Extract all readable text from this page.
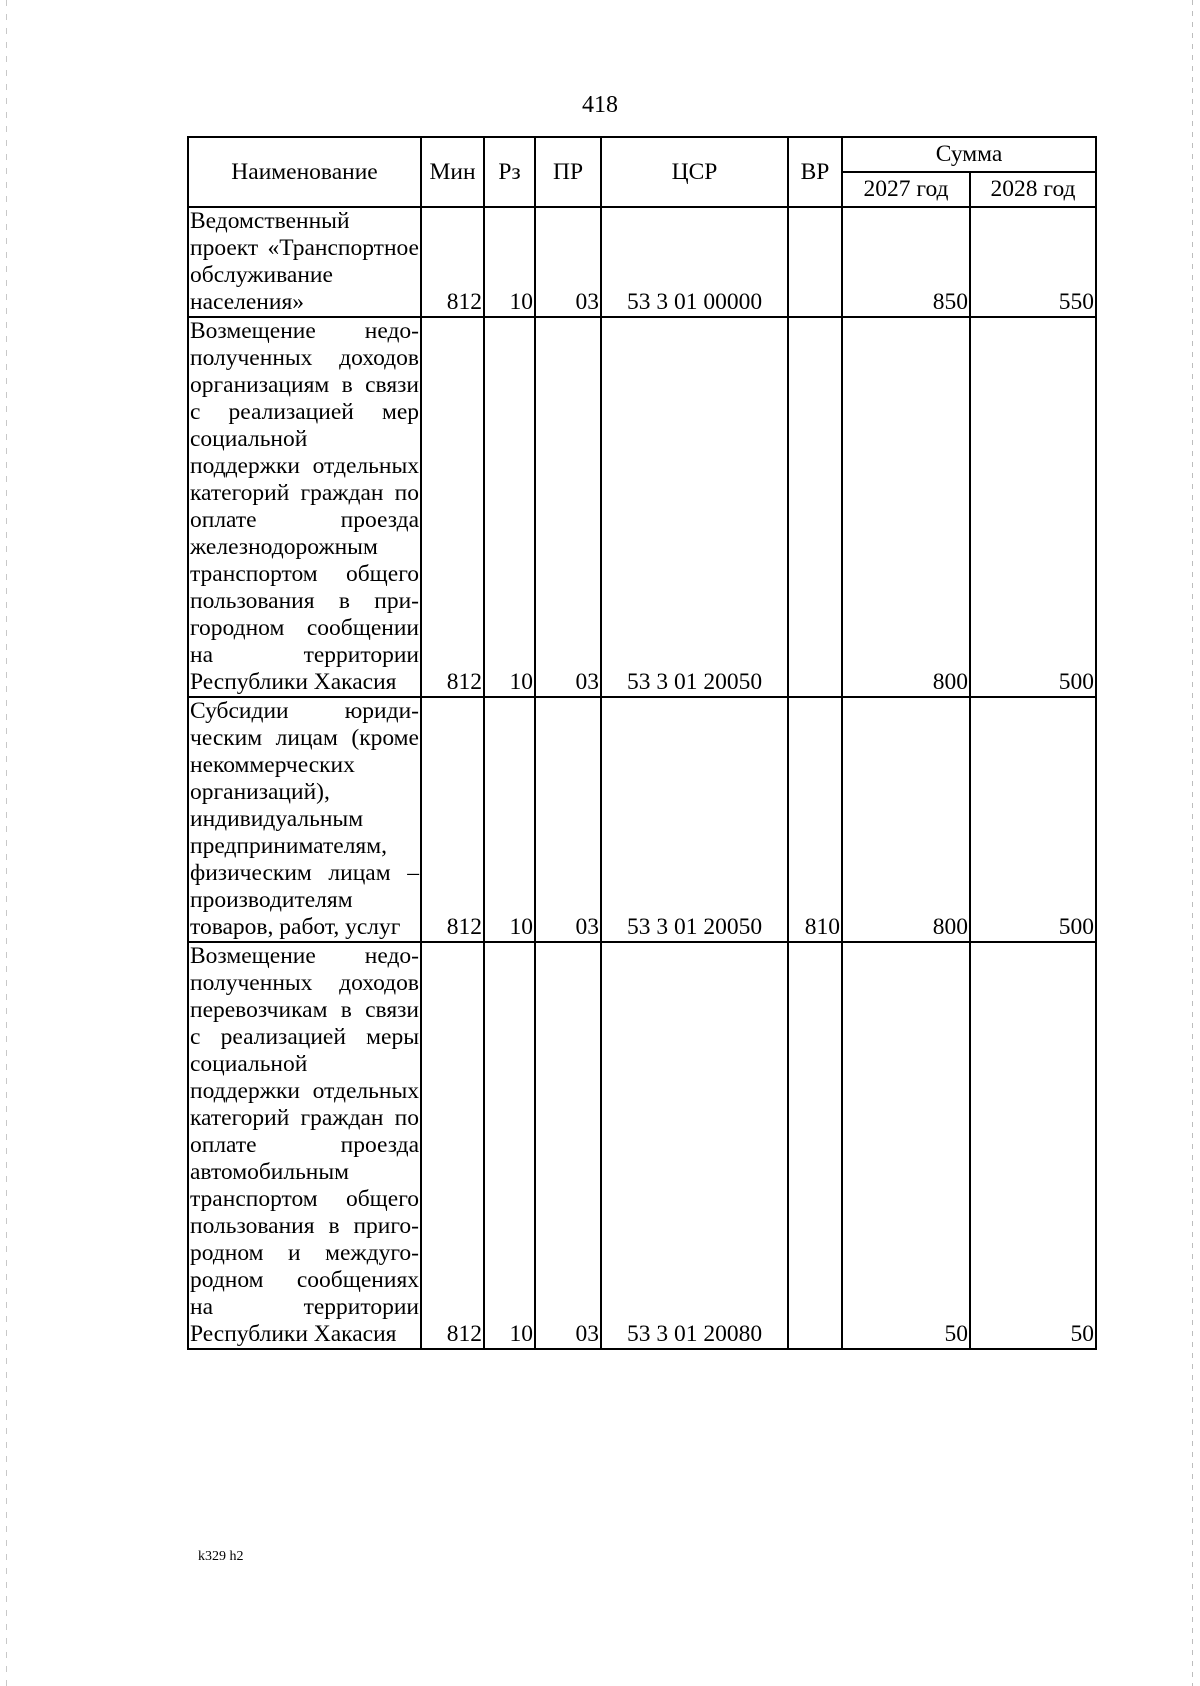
418
Наименование	Мин	Рз	ПР	ЦСР	ВР	Сумма	
						2027 год	2028 год
Ведомственный проект «Транспортное обслуживание населения»	812	10	03	53 3 01 00000		850	550
Возмещение недополученных доходов организациям в связи с реализацией мер социальной поддержки отдельных категорий граждан по оплате проезда железнодорожным транспортом общего пользования в пригородном сообщении на территории Республики Хакасия	812	10	03	53 3 01 20050		800	500
Субсидии юридическим лицам (кроме некоммерческих организаций), индивидуальным предпринимателям, физическим лицам – производителям товаров, работ, услуг	812	10	03	53 3 01 20050	810	800	500
Возмещение недополученных доходов перевозчикам в связи с реализацией меры социальной поддержки отдельных категорий граждан по оплате проезда автомобильным транспортом общего пользования в пригородном и междугородном сообщениях на территории Республики Хакасия	812	10	03	53 3 01 20080		50	50
k329 h2
